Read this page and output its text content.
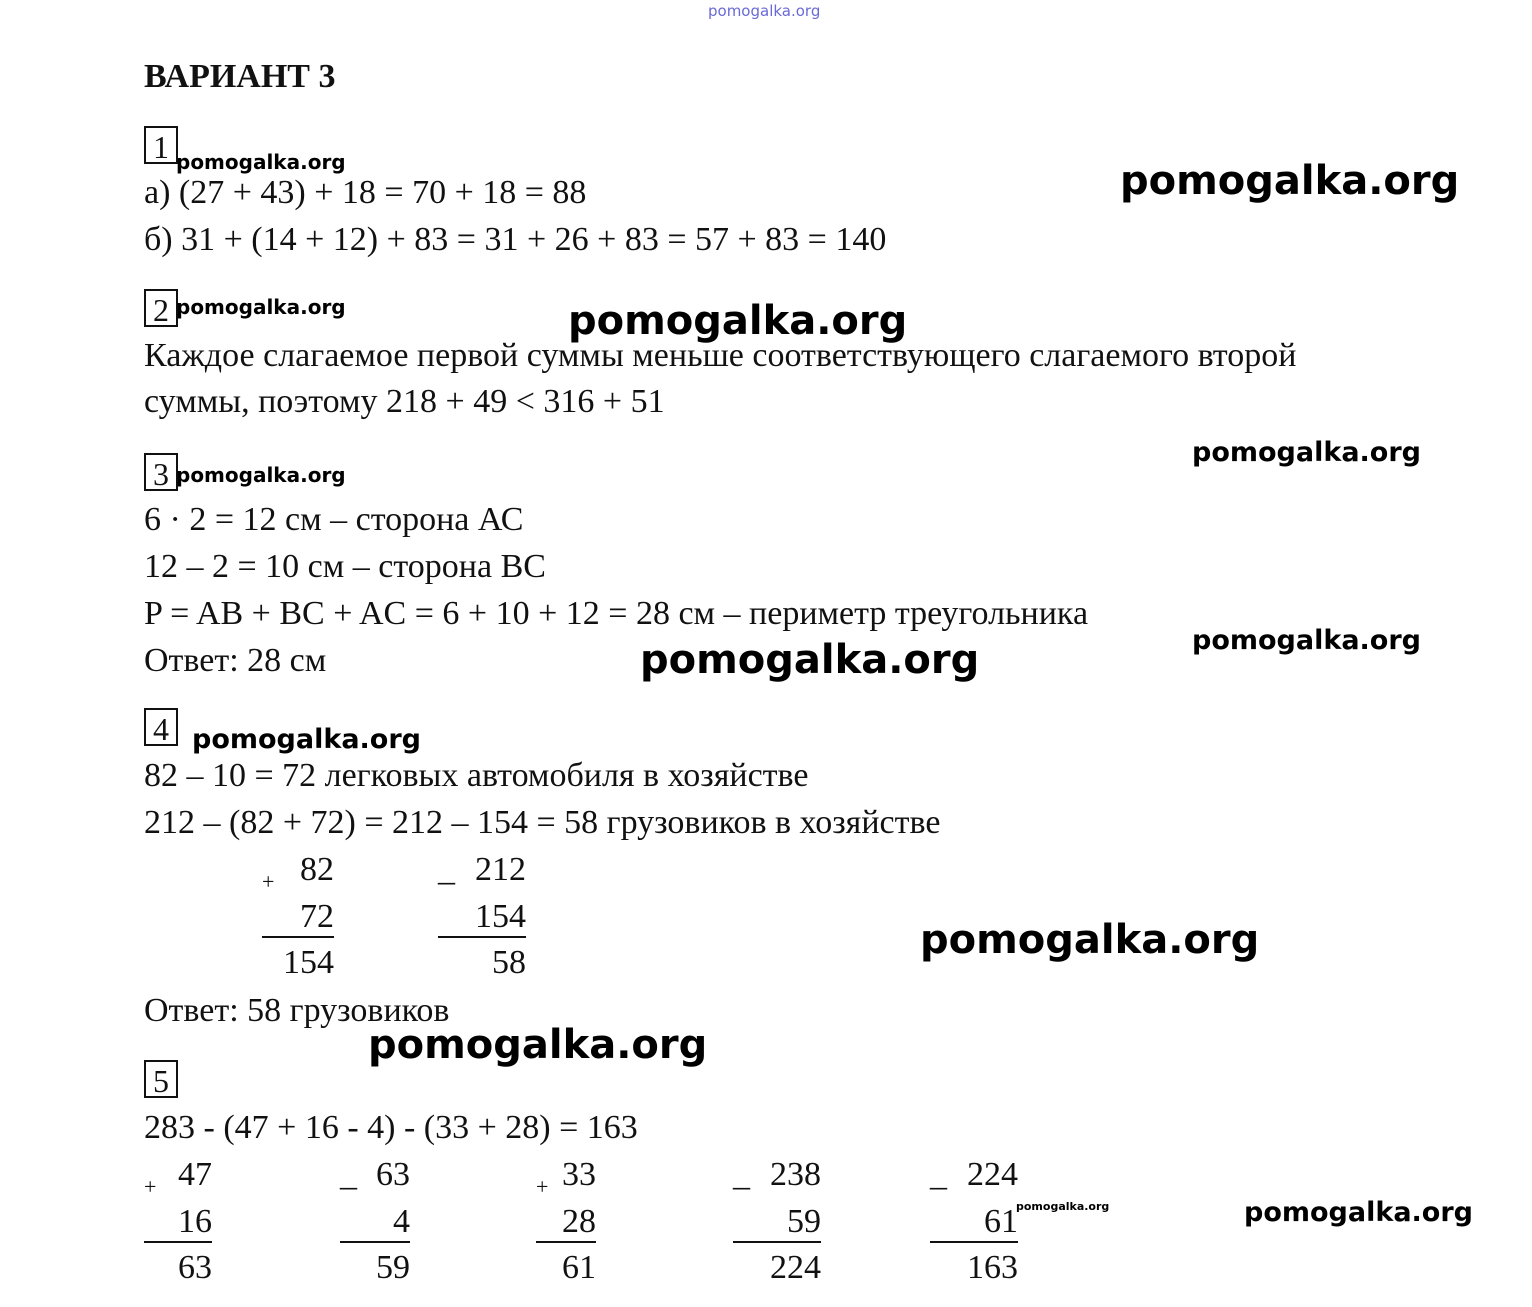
pomogalka.org
ВАРИАНТ 3
1
а) (27 + 43) + 18 = 70 + 18 = 88
б) 31 + (14 + 12) + 83 = 31 + 26 + 83 = 57 + 83 = 140
2
Каждое слагаемое первой суммы меньше соответствующего слагаемого второй
суммы, поэтому 218 + 49 < 316 + 51
3
6 · 2 = 12 см – сторона АС
12 – 2 = 10 см – сторона ВС
P = AB + BC + AC = 6 + 10 + 12 = 28 см – периметр треугольника
Ответ: 28 см
4
82 – 10 = 72 легковых автомобиля в хозяйстве
212 – (82 + 72) = 212 – 154 = 58 грузовиков в хозяйстве
+ 82
72
154
_ 212
154
58
Ответ: 58 грузовиков
5
283 - (47 + 16 - 4) - (33 + 28) = 163
+ 47
16
63
_ 63
4
59
+ 33
28
61
_ 238
59
224
_ 224
61
163
pomogalka.org	pomogalka.org
pomogalka.org	pomogalka.org
pomogalka.org
pomogalka.org
pomogalka.org
pomogalka.org
pomogalka.org
pomogalka.org
pomogalka.org
pomogalka.org	pomogalka.org
